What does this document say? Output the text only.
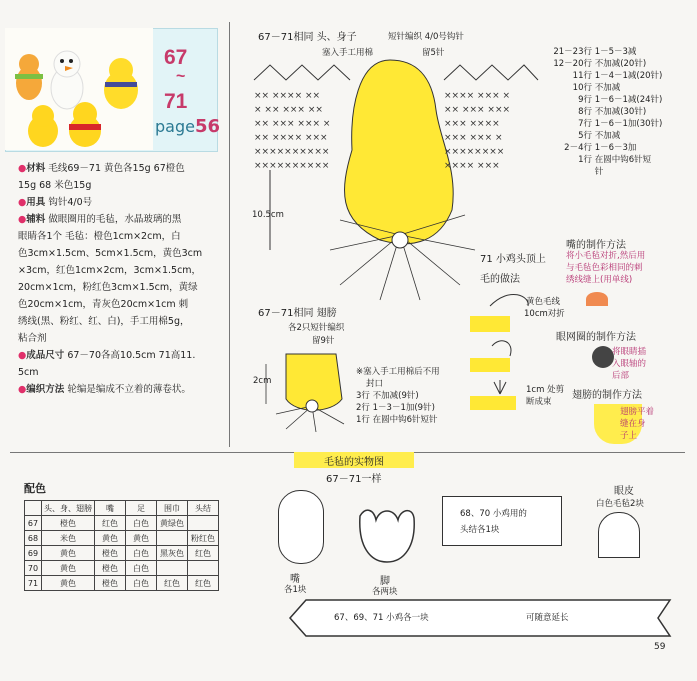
67
~
71
page56

●材料 毛线69－71 黄色各15g 67橙色

15g 68 米色15g

●用具 钩针4/0号

●辅料 做眼圈用的毛毡，水晶玻璃的黑

眼睛各1个 毛毡：橙色1cm×2cm，白

色3cm×1.5cm、5cm×1.5cm，黄色3cm

×3cm，红色1cm×2cm，3cm×1.5cm，

20cm×1cm，粉红色3cm×1.5cm，黄绿

色20cm×1cm，青灰色20cm×1cm 刺

绣线(黑、粉红、红、白)，手工用棉5g，

粘合剂

●成品尺寸 67－70各高10.5cm 71高11.

5cm

●编织方法 轮编是编成不立着的薄卷状。

配色
	头、身、翅膀	嘴	足	围巾	头结
67	橙色	红色	白色	黄绿色	
68	米色	黄色	黄色		粉红色
69	黄色	橙色	白色	黑灰色	红色
70	黄色	橙色	白色		
71	黄色	橙色	白色	红色	红色
67－71相同 头、身子	短针编织 4/0号钩针
塞入手工用棉	留5针
×× ×××× ××
× ×× ××× ××
×× ××× ××× ×
×× ×××× ×××
××××××××××
××××××××××
×××× ××× ×
×× ××× ×××
××× ××××
××× ××× ×
××××××××
×××× ×××
10.5cm
21－23行 1－5－3减
12－20行 不加减(20针)
11行 1－4－1减(20针)
10行 不加减
9行 1－6－1减(24针)
8行 不加减(30针)
7行 1－6－1加(30针)
5行 不加减
2－4行 1－6－3加
1行 在圆中钩6针短
针
67－71相同 翅膀
各2只短针编织
留9针
2cm
※塞入手工用棉后不用
封口
3行 不加减(9针)
2行 1－3－1加(9针)
1行 在圆中钩6针短针
71 小鸡头顶上
毛的做法
黄色毛线
10cm对折
1cm 处剪
断成束
嘴的制作方法
将小毛毡对折,然后用
与毛毡色彩相同的刺
绣线缝上(用单线)
眼网圈的制作方法
将眼睛插
入眼轴的
后部
翅膀的制作方法
翅膀平着
缝在身
子上
毛毡的实物图
67－71一样
嘴
各1块
脚
各两块
68、70 小鸡用的
头结各1块
眼皮
白色毛毡2块
67、69、71 小鸡各一块	可随意延长
59
